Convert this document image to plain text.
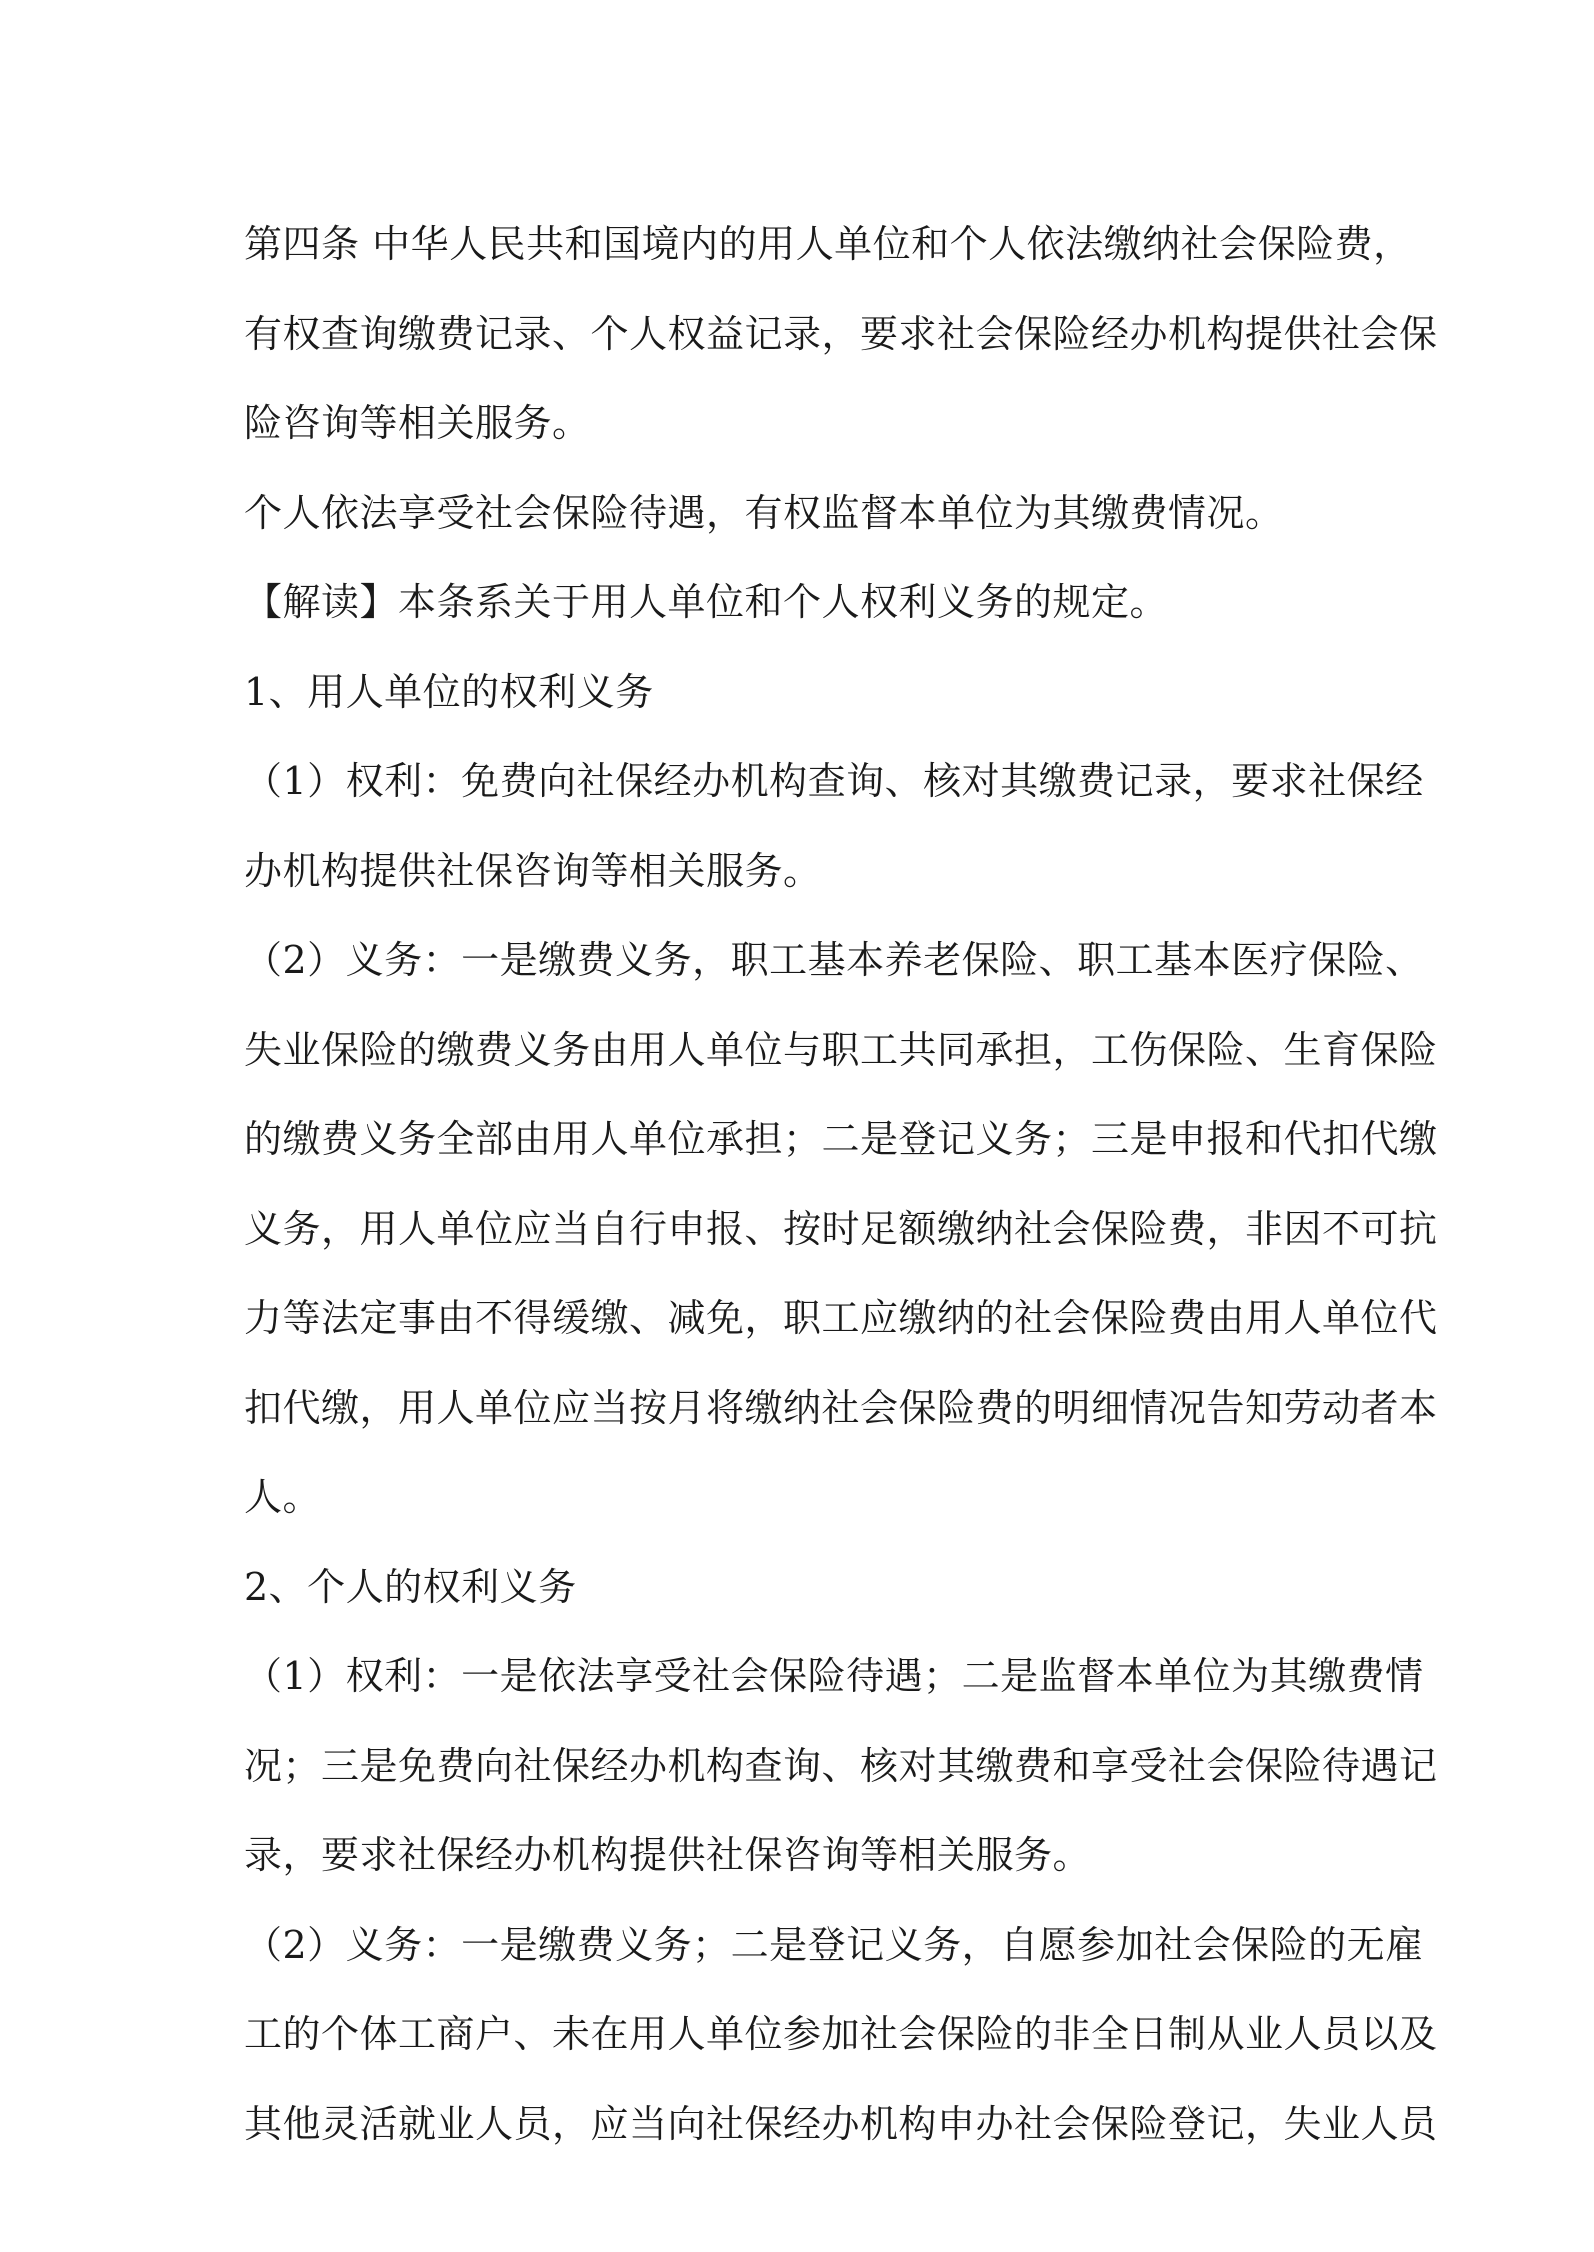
第四条 中华人民共和国境内的用人单位和个人依法缴纳社会保险费，
有权查询缴费记录、个人权益记录，要求社会保险经办机构提供社会保
险咨询等相关服务。
个人依法享受社会保险待遇，有权监督本单位为其缴费情况。
【解读】本条系关于用人单位和个人权利义务的规定。
1、用人单位的权利义务
（1）权利：免费向社保经办机构查询、核对其缴费记录，要求社保经
办机构提供社保咨询等相关服务。
（2）义务：一是缴费义务，职工基本养老保险、职工基本医疗保险、
失业保险的缴费义务由用人单位与职工共同承担，工伤保险、生育保险
的缴费义务全部由用人单位承担；二是登记义务；三是申报和代扣代缴
义务，用人单位应当自行申报、按时足额缴纳社会保险费，非因不可抗
力等法定事由不得缓缴、减免，职工应缴纳的社会保险费由用人单位代
扣代缴，用人单位应当按月将缴纳社会保险费的明细情况告知劳动者本
人。
2、个人的权利义务
（1）权利：一是依法享受社会保险待遇；二是监督本单位为其缴费情
况；三是免费向社保经办机构查询、核对其缴费和享受社会保险待遇记
录，要求社保经办机构提供社保咨询等相关服务。
（2）义务：一是缴费义务；二是登记义务，自愿参加社会保险的无雇
工的个体工商户、未在用人单位参加社会保险的非全日制从业人员以及
其他灵活就业人员，应当向社保经办机构申办社会保险登记，失业人员
